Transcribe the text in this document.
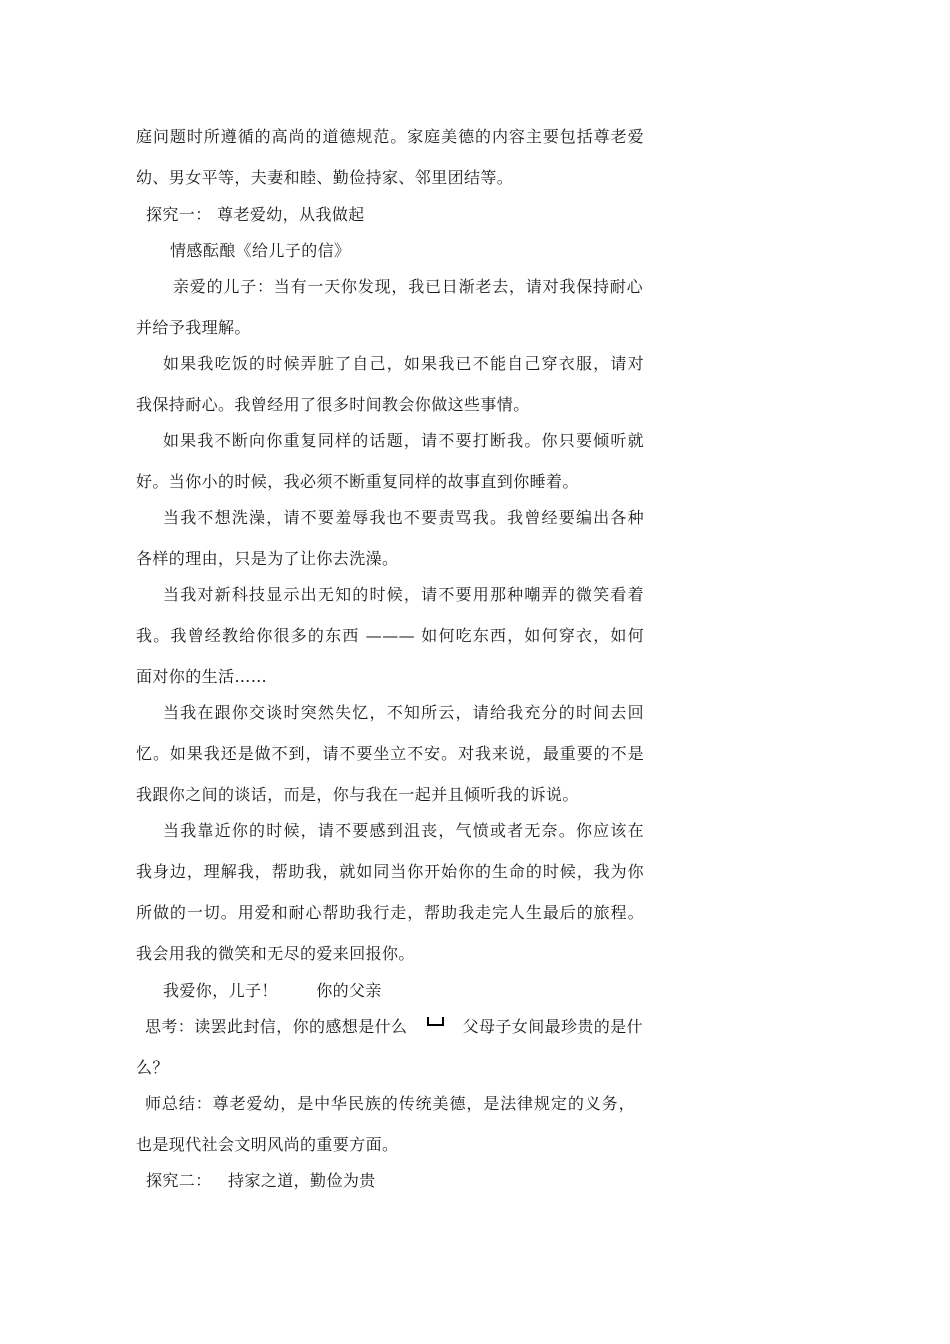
庭问题时所遵循的高尚的道德规范。家庭美德的内容主要包括尊老爱
幼、男女平等，夫妻和睦、勤俭持家、邻里团结等。
探究一： 尊老爱幼，从我做起
情感酝酿《给儿子的信》
亲爱的儿子：当有一天你发现，我已日渐老去，请对我保持耐心
并给予我理解。
如果我吃饭的时候弄脏了自己，如果我已不能自己穿衣服，请对
我保持耐心。我曾经用了很多时间教会你做这些事情。
如果我不断向你重复同样的话题，请不要打断我。你只要倾听就
好。当你小的时候，我必须不断重复同样的故事直到你睡着。
当我不想洗澡，请不要羞辱我也不要责骂我。我曾经要编出各种
各样的理由，只是为了让你去洗澡。
当我对新科技显示出无知的时候，请不要用那种嘲弄的微笑看着
我。我曾经教给你很多的东西 ——— 如何吃东西，如何穿衣，如何
面对你的生活……
当我在跟你交谈时突然失忆，不知所云，请给我充分的时间去回
忆。如果我还是做不到，请不要坐立不安。对我来说，最重要的不是
我跟你之间的谈话，而是，你与我在一起并且倾听我的诉说。
当我靠近你的时候，请不要感到沮丧，气愤或者无奈。你应该在
我身边，理解我，帮助我，就如同当你开始你的生命的时候，我为你
所做的一切。用爱和耐心帮助我行走，帮助我走完人生最后的旅程。
我会用我的微笑和无尽的爱来回报你。
我爱你，儿子！       你的父亲
思考：读罢此封信，你的感想是什么	父母子女间最珍贵的是什
么？
师总结：尊老爱幼，是中华民族的传统美德，是法律规定的义务，
也是现代社会文明风尚的重要方面。
探究二：   持家之道，勤俭为贵
